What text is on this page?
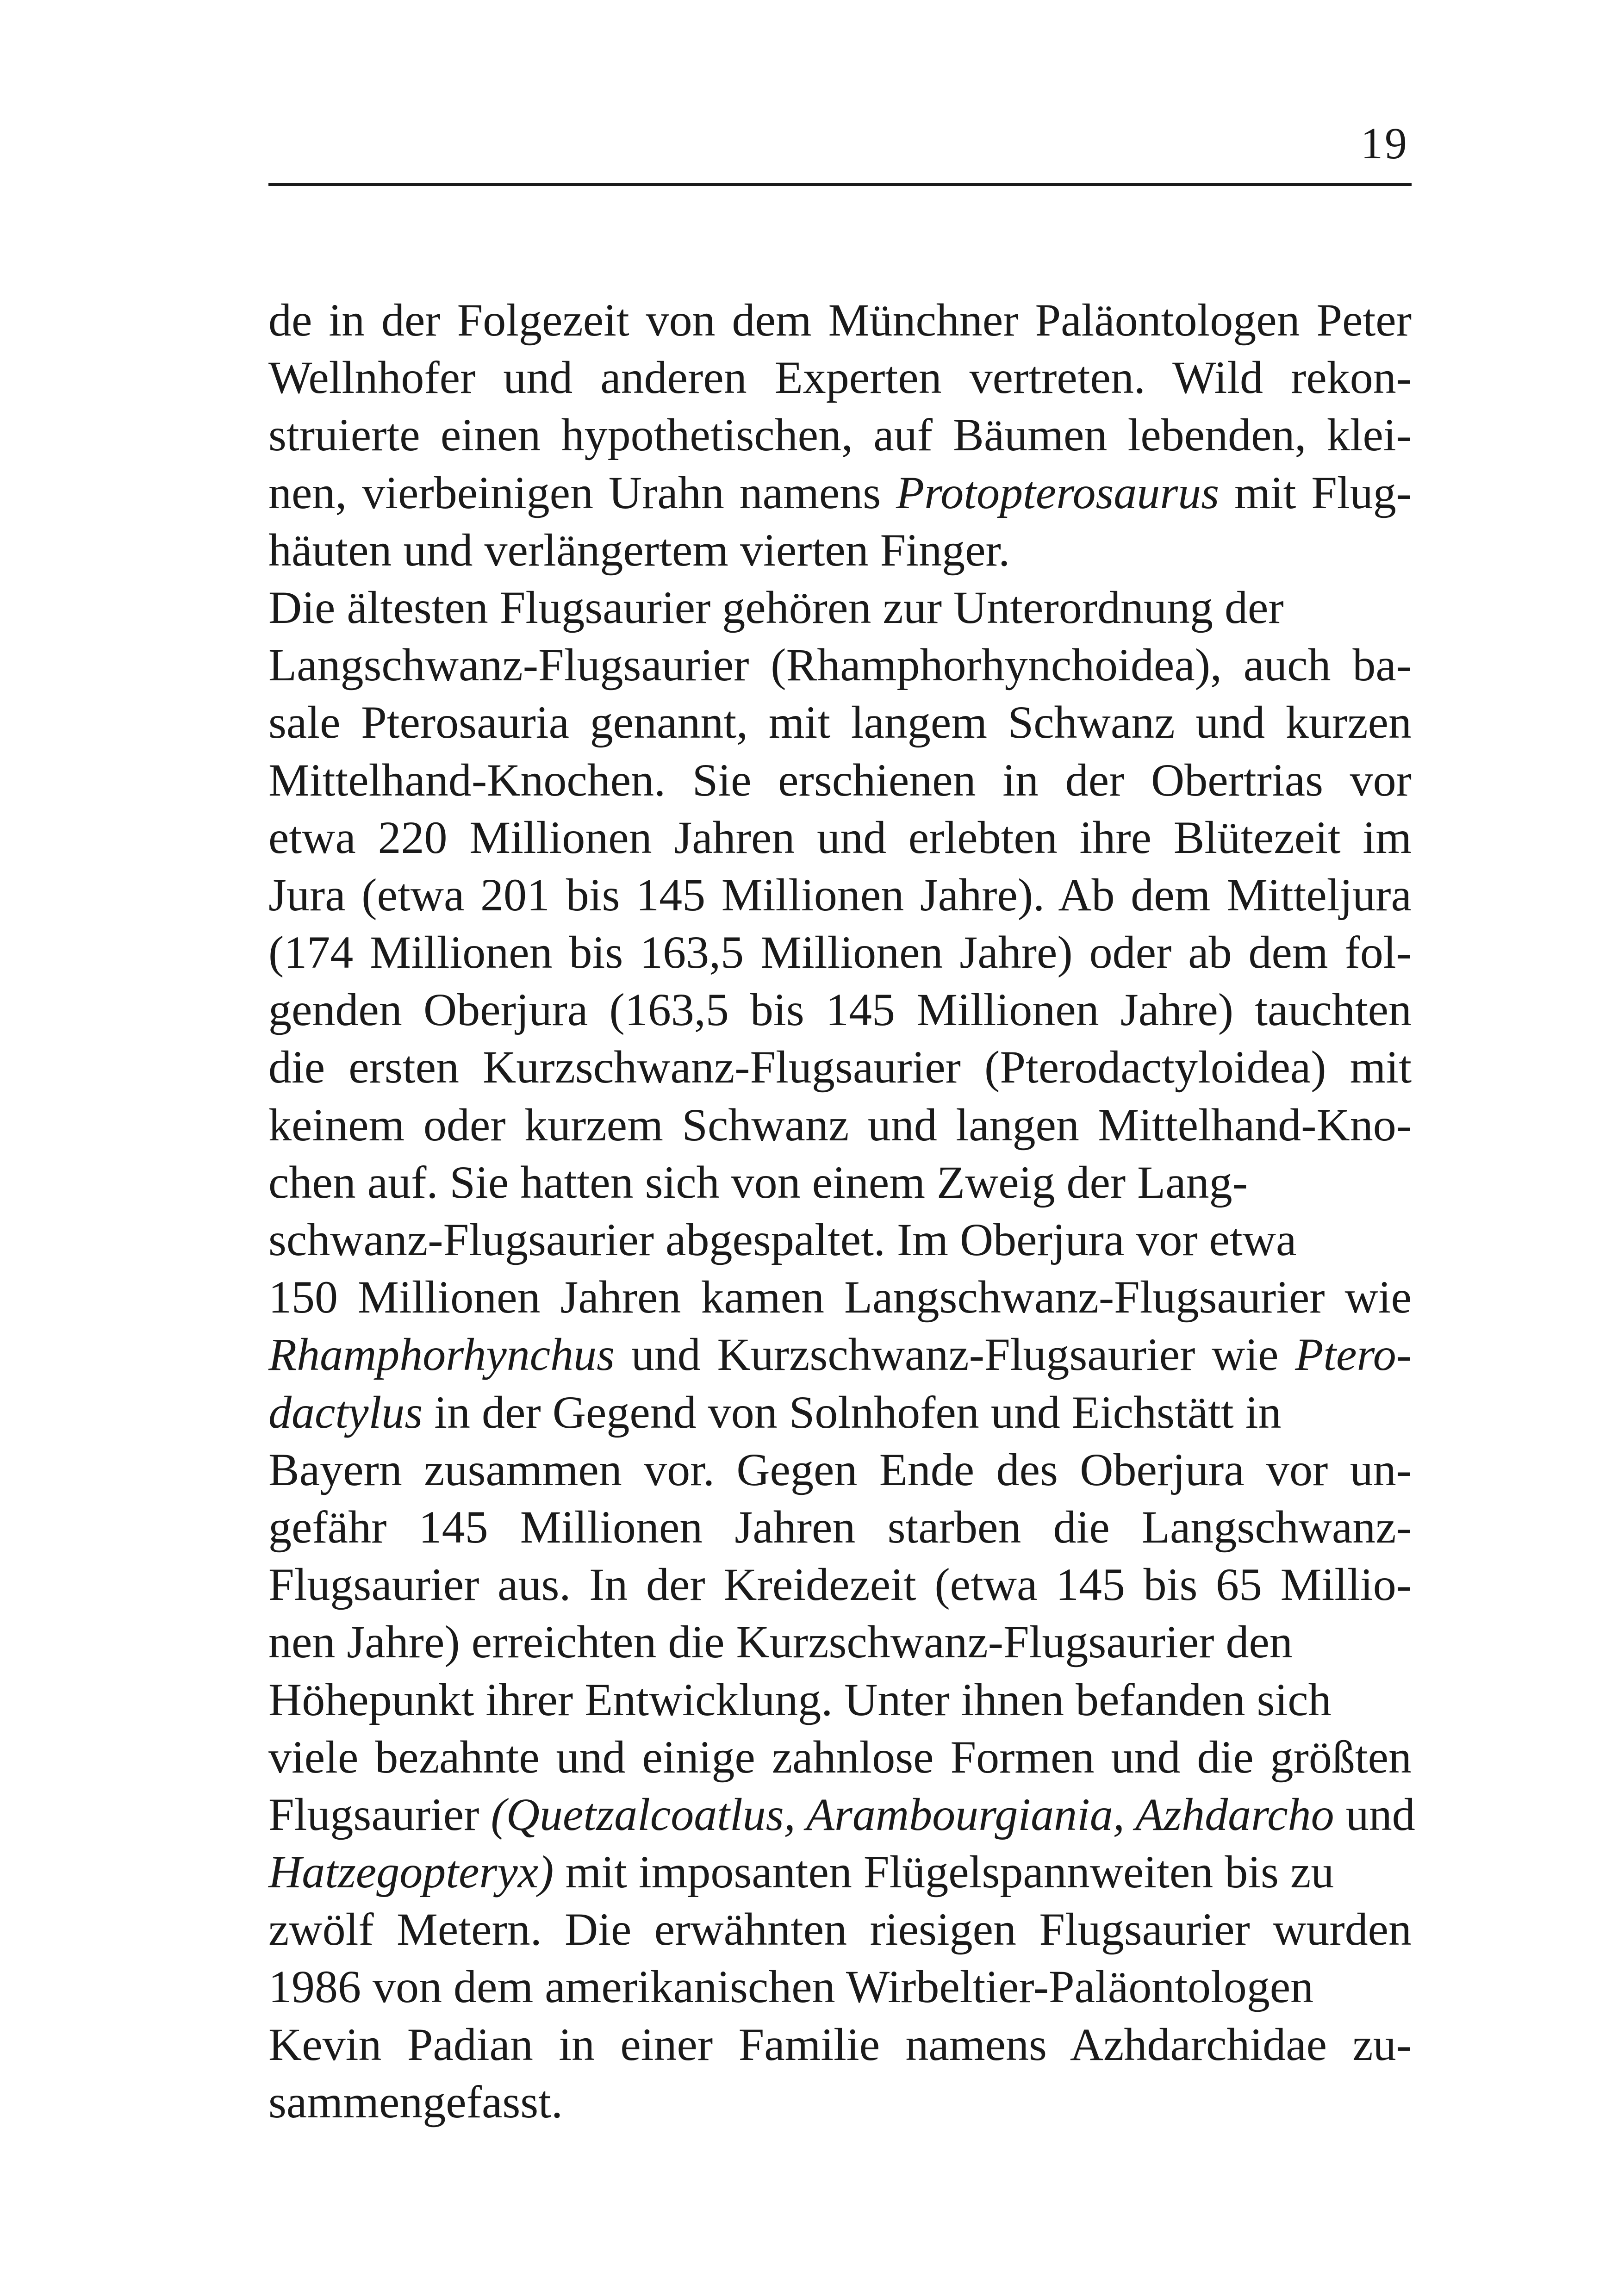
19
de in der Folgezeit von dem Münchner Paläontologen Peter
Wellnhofer und anderen Experten vertreten. Wild rekon-
struierte einen hypothetischen, auf Bäumen lebenden, klei-
nen, vierbeinigen Urahn namens Protopterosaurus mit Flug-
häuten und verlängertem vierten Finger.
Die ältesten Flugsaurier gehören zur Unterordnung der
Langschwanz-Flugsaurier (Rhamphorhynchoidea), auch ba-
sale Pterosauria genannt, mit langem Schwanz und kurzen
Mittelhand-Knochen. Sie erschienen in der Obertrias vor
etwa 220 Millionen Jahren und erlebten ihre Blütezeit im
Jura (etwa 201 bis 145 Millionen Jahre). Ab dem Mitteljura
(174 Millionen bis 163,5 Millionen Jahre) oder ab dem fol-
genden Oberjura (163,5 bis 145 Millionen Jahre) tauchten
die ersten Kurzschwanz-Flugsaurier (Pterodactyloidea) mit
keinem oder kurzem Schwanz und langen Mittelhand-Kno-
chen auf. Sie hatten sich von einem Zweig der Lang-
schwanz-Flugsaurier abgespaltet. Im Oberjura vor etwa
150 Millionen Jahren kamen Langschwanz-Flugsaurier wie
Rhamphorhynchus und Kurzschwanz-Flugsaurier wie Ptero-
dactylus in der Gegend von Solnhofen und Eichstätt in
Bayern zusammen vor. Gegen Ende des Oberjura vor un-
gefähr 145 Millionen Jahren starben die Langschwanz-
Flugsaurier aus. In der Kreidezeit (etwa 145 bis 65 Millio-
nen Jahre) erreichten die Kurzschwanz-Flugsaurier den
Höhepunkt ihrer Entwicklung. Unter ihnen befanden sich
viele bezahnte und einige zahnlose Formen und die größten
Flugsaurier (Quetzalcoatlus, Arambourgiania, Azhdarcho und
Hatzegopteryx) mit imposanten Flügelspannweiten bis zu
zwölf Metern. Die erwähnten riesigen Flugsaurier wurden
1986 von dem amerikanischen Wirbeltier-Paläontologen
Kevin Padian in einer Familie namens Azhdarchidae zu-
sammengefasst.
